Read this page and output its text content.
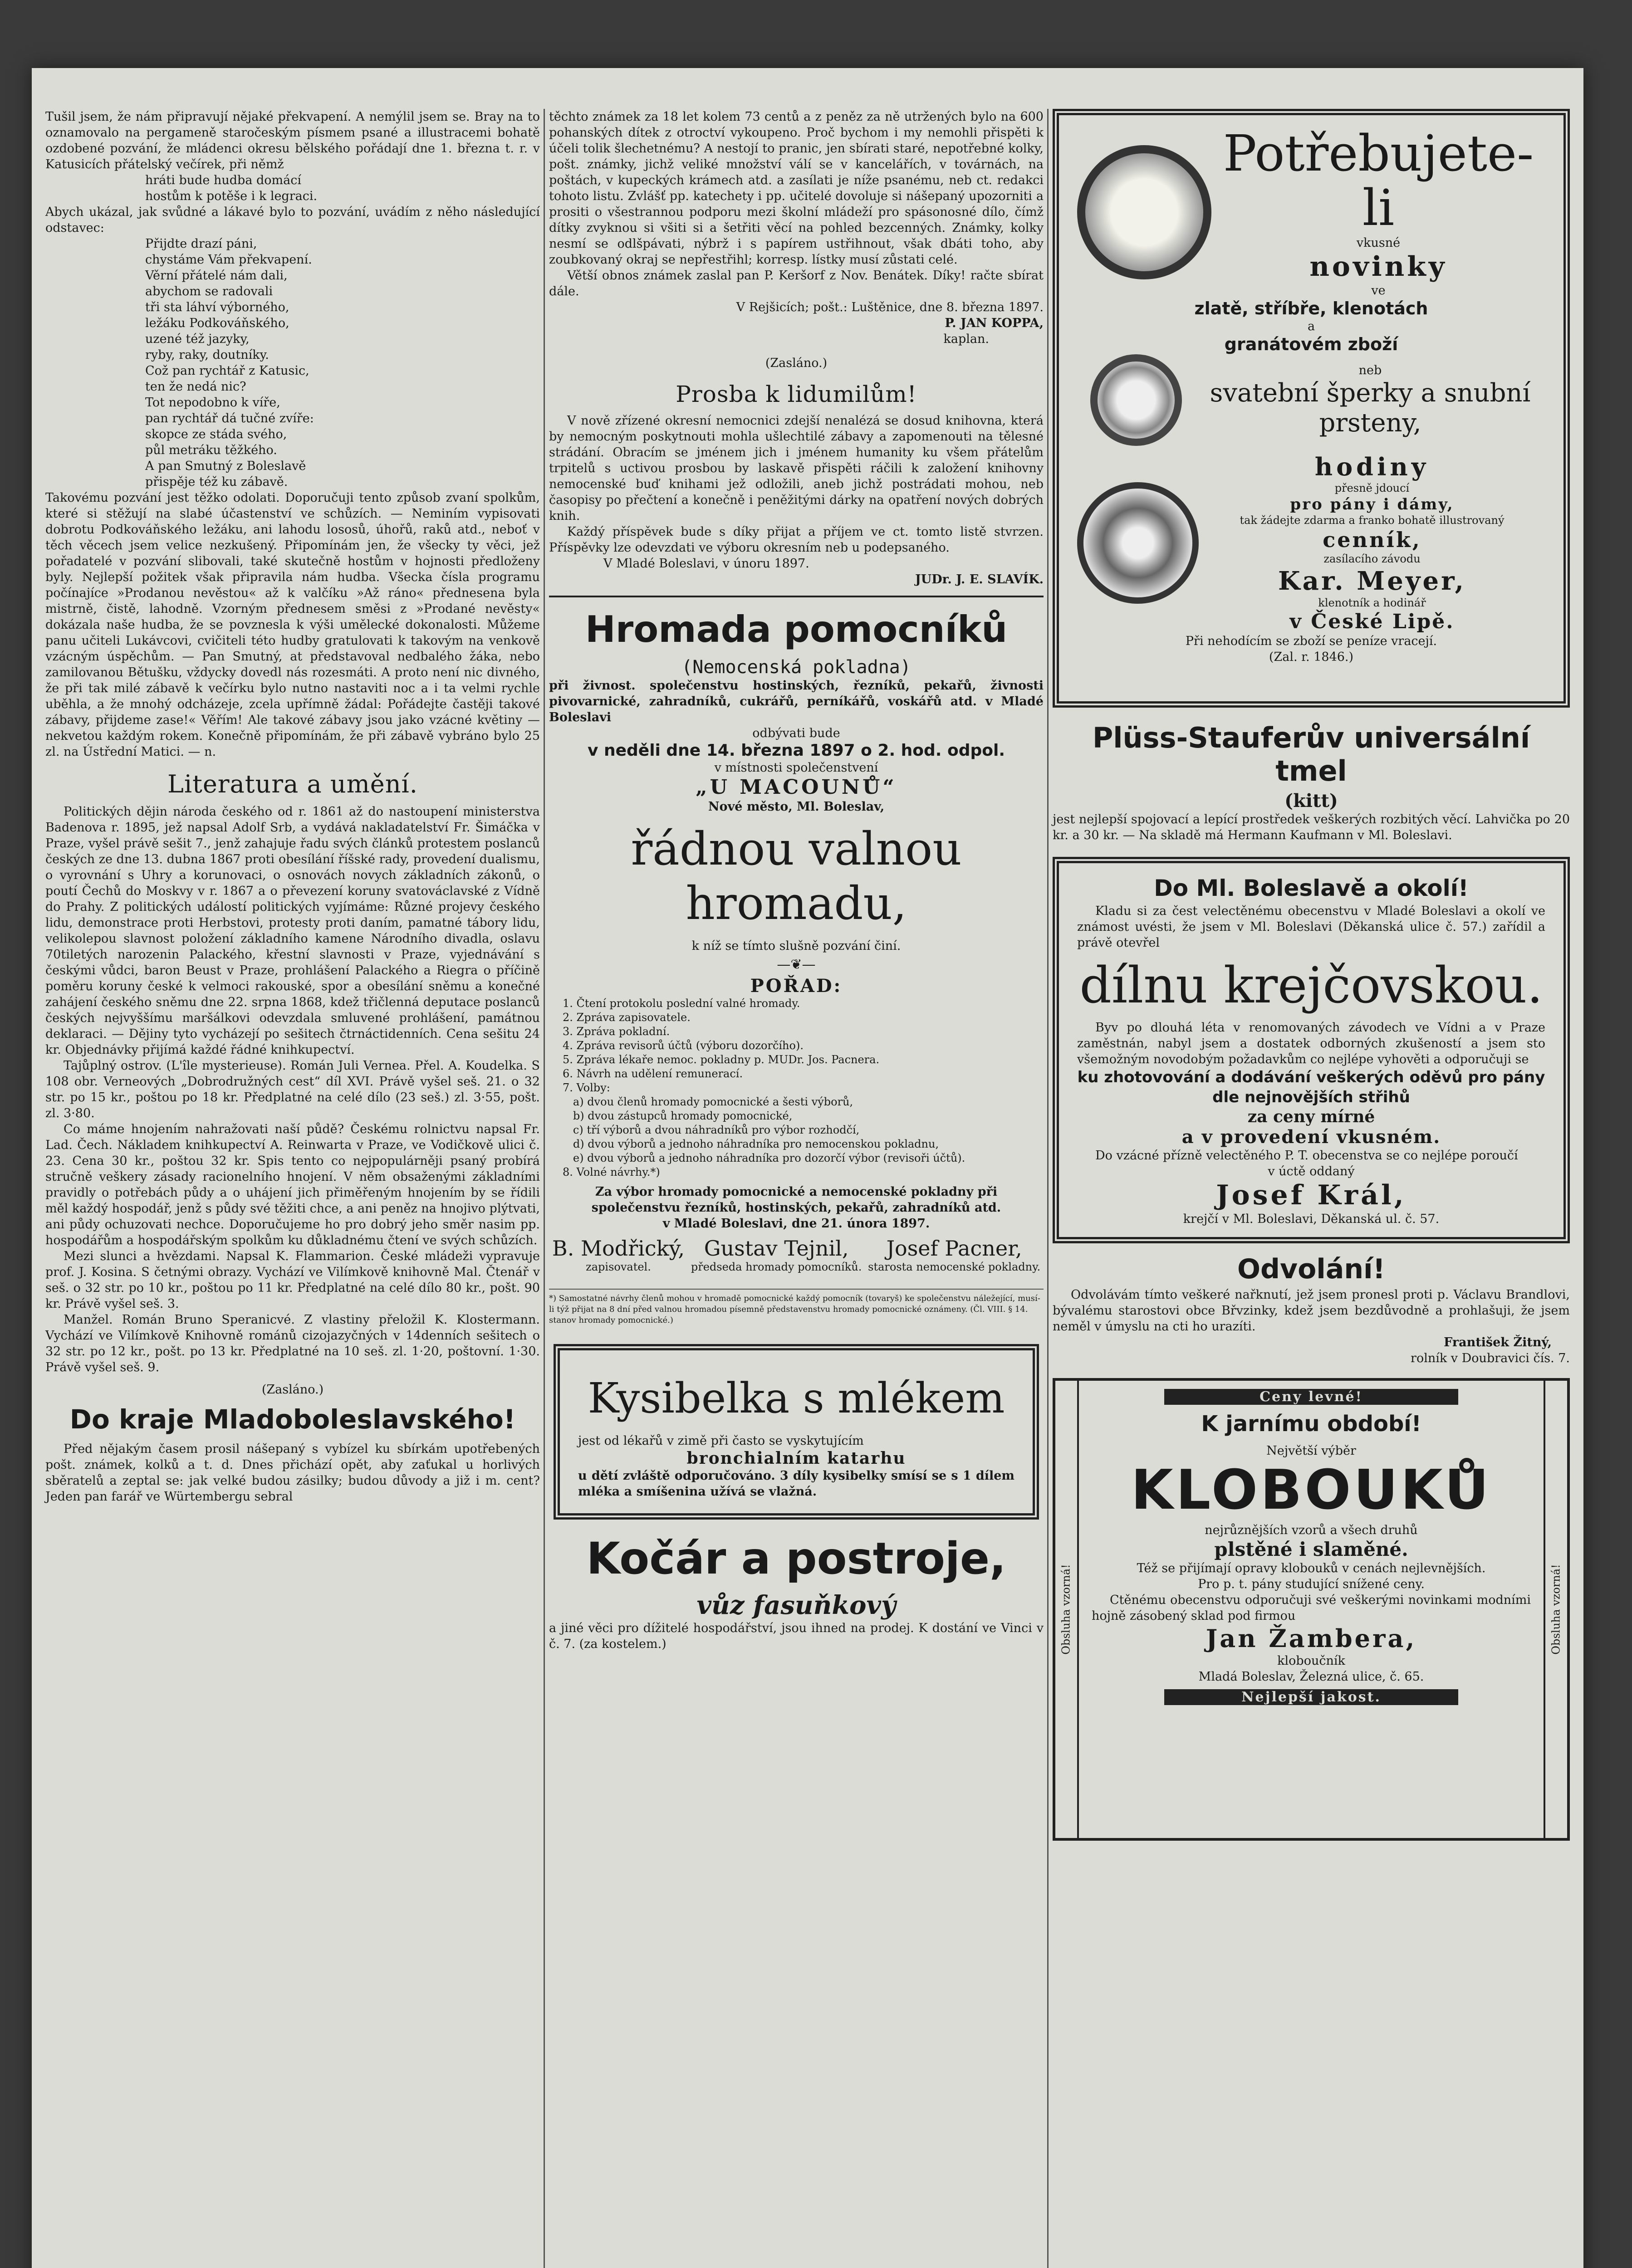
Tušil jsem, že nám připravují nějaké překvapení. A nemýlil jsem se. Bray na to oznamovalo na pergameně staročeským písmem psané a illustracemi bohatě ozdobené pozvání, že mládenci okresu bělského pořádají dne 1. března t. r. v Katusicích přátelský večírek, při němž
hráti bude hudba domácí
hostům k potěše i k legraci.
Abych ukázal, jak svůdné a lákavé bylo to pozvání, uvádím z něho následující odstavec:
Přijdte drazí páni,
chystáme Vám překvapení.
Věrní přátelé nám dali,
abychom se radovali
tři sta láhví výborného,
ležáku Podkováňského,
uzené též jazyky,
ryby, raky, doutníky.
Což pan rychtář z Katusic,
ten že nedá nic?
Tot nepodobno k víře,
pan rychtář dá tučné zvíře:
skopce ze stáda svého,
půl metráku těžkého.
A pan Smutný z Boleslavě
přispěje též ku zábavě.
Takovému pozvání jest těžko odolati. Doporučuji tento způsob zvaní spolkům, které si stěžují na slabé účastenství ve schůzích. — Neminím vypisovati dobrotu Podkováňského ležáku, ani lahodu lososů, úhořů, raků atd., neboť v těch věcech jsem velice nezkušený. Připomínám jen, že všecky ty věci, jež pořadatelé v pozvání slibovali, také skutečně hostům v hojnosti předloženy byly. Nejlepší požitek však připravila nám hudba. Všecka čísla programu počínajíce »Prodanou nevěstou« až k valčíku »Až ráno« přednesena byla mistrně, čistě, lahodně. Vzorným přednesem směsi z »Prodané nevěsty« dokázala naše hudba, že se povznesla k výši umělecké dokonalosti. Můžeme panu učiteli Lukávcovi, cvičiteli této hudby gratulovati k takovým na venkově vzácným úspěchům. — Pan Smutný, at představoval nedbalého žáka, nebo zamilovanou Bětušku, vždycky dovedl nás rozesmáti. A proto není nic divného, že při tak milé zábavě k večírku bylo nutno nastaviti noc a i ta velmi rychle uběhla, a že mnohý odcházeje, zcela upřímně žádal: Pořádejte častěji takové zábavy, přijdeme zase!« Věřím! Ale takové zábavy jsou jako vzácné květiny — nekvetou každým rokem. Konečně připomínám, že při zábavě vybráno bylo 25 zl. na Ústřední Matici. — n.
Literatura a umění.
Politických dějin národa českého od r. 1861 až do nastoupení ministerstva Badenova r. 1895, jež napsal Adolf Srb, a vydává nakladatelství Fr. Šimáčka v Praze, vyšel právě sešit 7., jenž zahajuje řadu svých článků protestem poslanců českých ze dne 13. dubna 1867 proti obesílání říšské rady, provedení dualismu, o vyrovnání s Uhry a korunovaci, o osnovách novych základních zákonů, o poutí Čechů do Moskvy v r. 1867 a o převezení koruny svatováclavské z Vídně do Prahy. Z politických událostí politických vyjímáme: Různé projevy českého lidu, demonstrace proti Herbstovi, protesty proti daním, pamatné tábory lidu, velikolepou slavnost položení základního kamene Národního divadla, oslavu 70tiletých narozenin Palackého, křestní slavnosti v Praze, vyjednávání s českými vůdci, baron Beust v Praze, prohlášení Palackého a Riegra o příčině poměru koruny české k velmoci rakouské, spor a obesílání sněmu a konečné zahájení českého sněmu dne 22. srpna 1868, kdež třičlenná deputace poslanců českých nejvyššímu maršálkovi odevzdala smluvené prohlášení, památnou deklaraci. — Dějiny tyto vycházejí po sešitech čtrnáctidenních. Cena sešitu 24 kr. Objednávky přijímá každé řádné knihkupectví.
Tajůplný ostrov. (L'île mysterieuse). Román Juli Vernea. Přel. A. Koudelka. S 108 obr. Verneových „Dobrodružných cest“ díl XVI. Právě vyšel seš. 21. o 32 str. po 15 kr., poštou po 18 kr. Předplatné na celé dílo (23 seš.) zl. 3·55, pošt. zl. 3·80.
Co máme hnojením nahražovati naší půdě? Českému rolnictvu napsal Fr. Lad. Čech. Nákladem knihkupectví A. Reinwarta v Praze, ve Vodičkově ulici č. 23. Cena 30 kr., poštou 32 kr. Spis tento co nejpopulárněji psaný probírá stručně veškery zásady racionelního hnojení. V něm obsaženými základními pravidly o potřebách půdy a o uhájení jich přiměřeným hnojením by se řídili měl každý hospodář, jenž s půdy své těžiti chce, a ani peněz na hnojivo plýtvati, ani půdy ochuzovati nechce. Doporučujeme ho pro dobrý jeho směr nasim pp. hospodářům a hospodářským spolkům ku důkladnému čtení ve svých schůzích.
Mezi slunci a hvězdami. Napsal K. Flammarion. České mládeži vypravuje prof. J. Kosina. S četnými obrazy. Vychází ve Vilímkově knihovně Mal. Čtenář v seš. o 32 str. po 10 kr., poštou po 11 kr. Předplatné na celé dílo 80 kr., pošt. 90 kr. Právě vyšel seš. 3.
Manžel. Román Bruno Speranicvé. Z vlastiny přeložil K. Klostermann. Vychází ve Vilímkově Knihovně románů cizojazyčných v 14denních sešitech o 32 str. po 12 kr., pošt. po 13 kr. Předplatné na 10 seš. zl. 1·20, poštovní. 1·30. Právě vyšel seš. 9.
(Zasláno.)
Do kraje Mladoboleslavského!
Před nějakým časem prosil nášepaný s vybízel ku sbírkám upotřebených pošt. známek, kolků a t. d. Dnes přichází opět, aby zaťukal u horlivých sběratelů a zeptal se: jak velké budou zásilky; budou důvody a již i m. cent? Jeden pan farář ve Würtembergu sebral
těchto známek za 18 let kolem 73 centů a z peněz za ně utržených bylo na 600 pohanských dítek z otroctví vykoupeno. Proč bychom i my nemohli přispěti k účeli tolik šlechetnému? A nestojí to pranic, jen sbírati staré, nepotřebné kolky, pošt. známky, jichž veliké množství válí se v kancelářích, v továrnách, na poštách, v kupeckých krámech atd. a zasílati je níže psanému, neb ct. redakci tohoto listu. Zvlášť pp. katechety i pp. učitelé dovoluje si nášepaný upozorniti a prositi o všestrannou podporu mezi školní mládeží pro spásonosné dílo, čímž dítky zvyknou si všiti si a šetřiti věcí na pohled bezcenných. Známky, kolky nesmí se odlšpávati, nýbrž i s papírem ustřihnout, však dbáti toho, aby zoubkovaný okraj se nepřestřihl; korresp. lístky musí zůstati celé.
Větší obnos známek zaslal pan P. Keršorf z Nov. Benátek. Díky! račte sbírat dále.
V Rejšicích; pošt.: Luštěnice, dne 8. března 1897.
P. JAN KOPPA,
kaplan.
(Zasláno.)
Prosba k lidumilům!
V nově zřízené okresní nemocnici zdejší nenalézá se dosud knihovna, která by nemocným poskytnouti mohla ušlechtilé zábavy a zapomenouti na tělesné strádání. Obracím se jménem jich i jménem humanity ku všem přátelům trpitelů s uctivou prosbou by laskavě přispěti ráčili k založení knihovny nemocenské buď knihami jež odložili, aneb jichž postrádati mohou, neb časopisy po přečtení a konečně i peněžitými dárky na opatření nových dobrých knih.
Každý příspěvek bude s díky přijat a příjem ve ct. tomto listě stvrzen. Příspěvky lze odevzdati ve výboru okresním neb u podepsaného.
V Mladé Boleslavi, v únoru 1897.
JUDr. J. E. SLAVÍK.
Hromada pomocníků
(Nemocenská pokladna)
při živnost. společenstvu hostinských, řezníků, pekařů, živnosti pivovarnické, zahradníků, cukrářů, perníkářů, voskářů atd. v Mladé Boleslavi
odbývati bude
v neděli dne 14. března 1897 o 2. hod. odpol.
v místnosti společenstvení
„U MACOUNŮ“
Nové město, Ml. Boleslav,
řádnou valnou hromadu,
k níž se tímto slušně pozvání činí.
—❦—
POŘAD:
1. Čtení protokolu poslední valné hromady.
2. Zpráva zapisovatele.
3. Zpráva pokladní.
4. Zpráva revisorů účtů (výboru dozorčího).
5. Zpráva lékaře nemoc. pokladny p. MUDr. Jos. Pacnera.
6. Návrh na udělení remunerací.
7. Volby:
a) dvou členů hromady pomocnické a šesti výborů,
b) dvou zástupců hromady pomocnické,
c) tří výborů a dvou náhradníků pro výbor rozhodčí,
d) dvou výborů a jednoho náhradníka pro nemocenskou pokladnu,
e) dvou výborů a jednoho náhradníka pro dozorčí výbor (revisoři účtů).
8. Volné návrhy.*)
Za výbor hromady pomocnické a nemocenské pokladny při společenstvu řezníků, hostinských, pekařů, zahradníků atd.
v Mladé Boleslavi, dne 21. února 1897.
B. Modřický,
zapisovatel.
Gustav Tejnil,
předseda hromady pomocníků.
Josef Pacner,
starosta nemocenské pokladny.
*) Samostatné návrhy členů mohou v hromadě pomocnické každý pomocník (tovaryš) ke společenstvu náležející, musí-li týž přijat na 8 dní před valnou hromadou písemně představenstvu hromady pomocnické oznámeny. (Čl. VIII. § 14. stanov hromady pomocnické.)
Kysibelka s mlékem
jest od lékařů v zimě při často se vyskytujícím
bronchialním katarhu
u dětí zvláště odporučováno. 3 díly kysibelky smísí se s 1 dílem mléka a smíšenina užívá se vlažná.
Kočár a postroje,
vůz fasuňkový
a jiné věci pro dížitelé hospodářství, jsou ihned na prodej. K dostání ve Vinci v č. 7. (za kostelem.)
Potřebujete-li
vkusné
novinky
ve
zlatě, stříbře, klenotách
a
granátovém zboží
neb
svatební šperky a snubní prsteny,
hodiny
přesně jdoucí
pro pány i dámy,
tak žádejte zdarma a franko bohatě illustrovaný
cenník,
zasílacího závodu
Kar. Meyer,
klenotník a hodinář
v České Lipě.
Při nehodícím se zboží se peníze vracejí.
(Zal. r. 1846.)
Plüss-Stauferův universální tmel
(kitt)
jest nejlepší spojovací a lepící prostředek veškerých rozbitých věcí. Lahvička po 20 kr. a 30 kr. — Na skladě má Hermann Kaufmann v Ml. Boleslavi.
Do Ml. Boleslavě a okolí!
Kladu si za čest velectěnému obecenstvu v Mladé Boleslavi a okolí ve známost uvésti, že jsem v Ml. Boleslavi (Děkanská ulice č. 57.) zařídil a právě otevřel
dílnu krejčovskou.
Byv po dlouhá léta v renomovaných závodech ve Vídni a v Praze zaměstnán, nabyl jsem a dostatek odborných zkušeností a jsem sto všemožným novodobým požadavkům co nejlépe vyhověti a odporučuji se
ku zhotovování a dodávání veškerých oděvů pro pány dle nejnovějších střihů
za ceny mírné
a v provedení vkusném.
Do vzácné přízně velectěného P. T. obecenstva se co nejlépe poroučí
v úctě oddaný
Josef Král,
krejčí v Ml. Boleslavi, Děkanská ul. č. 57.
Odvolání!
Odvolávám tímto veškeré nařknutí, jež jsem pronesl proti p. Václavu Brandlovi, bývalému starostovi obce Břvzinky, kdež jsem bezdůvodně a prohlašuji, že jsem neměl v úmyslu na cti ho urazíti.
František Žitný,
rolník v Doubravici čís. 7.
Obsluha vzorná!	Obsluha vzorná!
Ceny levné!
K jarnímu období!
Největší výběr
KLOBOUKŮ
nejrůznějších vzorů a všech druhů
plstěné i slaměné.
Též se přijímají opravy klobouků v cenách nejlevnějších.
Pro p. t. pány studující snížené ceny.
Ctěnému obecenstvu odporučuji své veškerými novinkami modními hojně zásobený sklad pod firmou
Jan Žambera,
kloboučník
Mladá Boleslav, Železná ulice, č. 65.
Nejlepší jakost.
